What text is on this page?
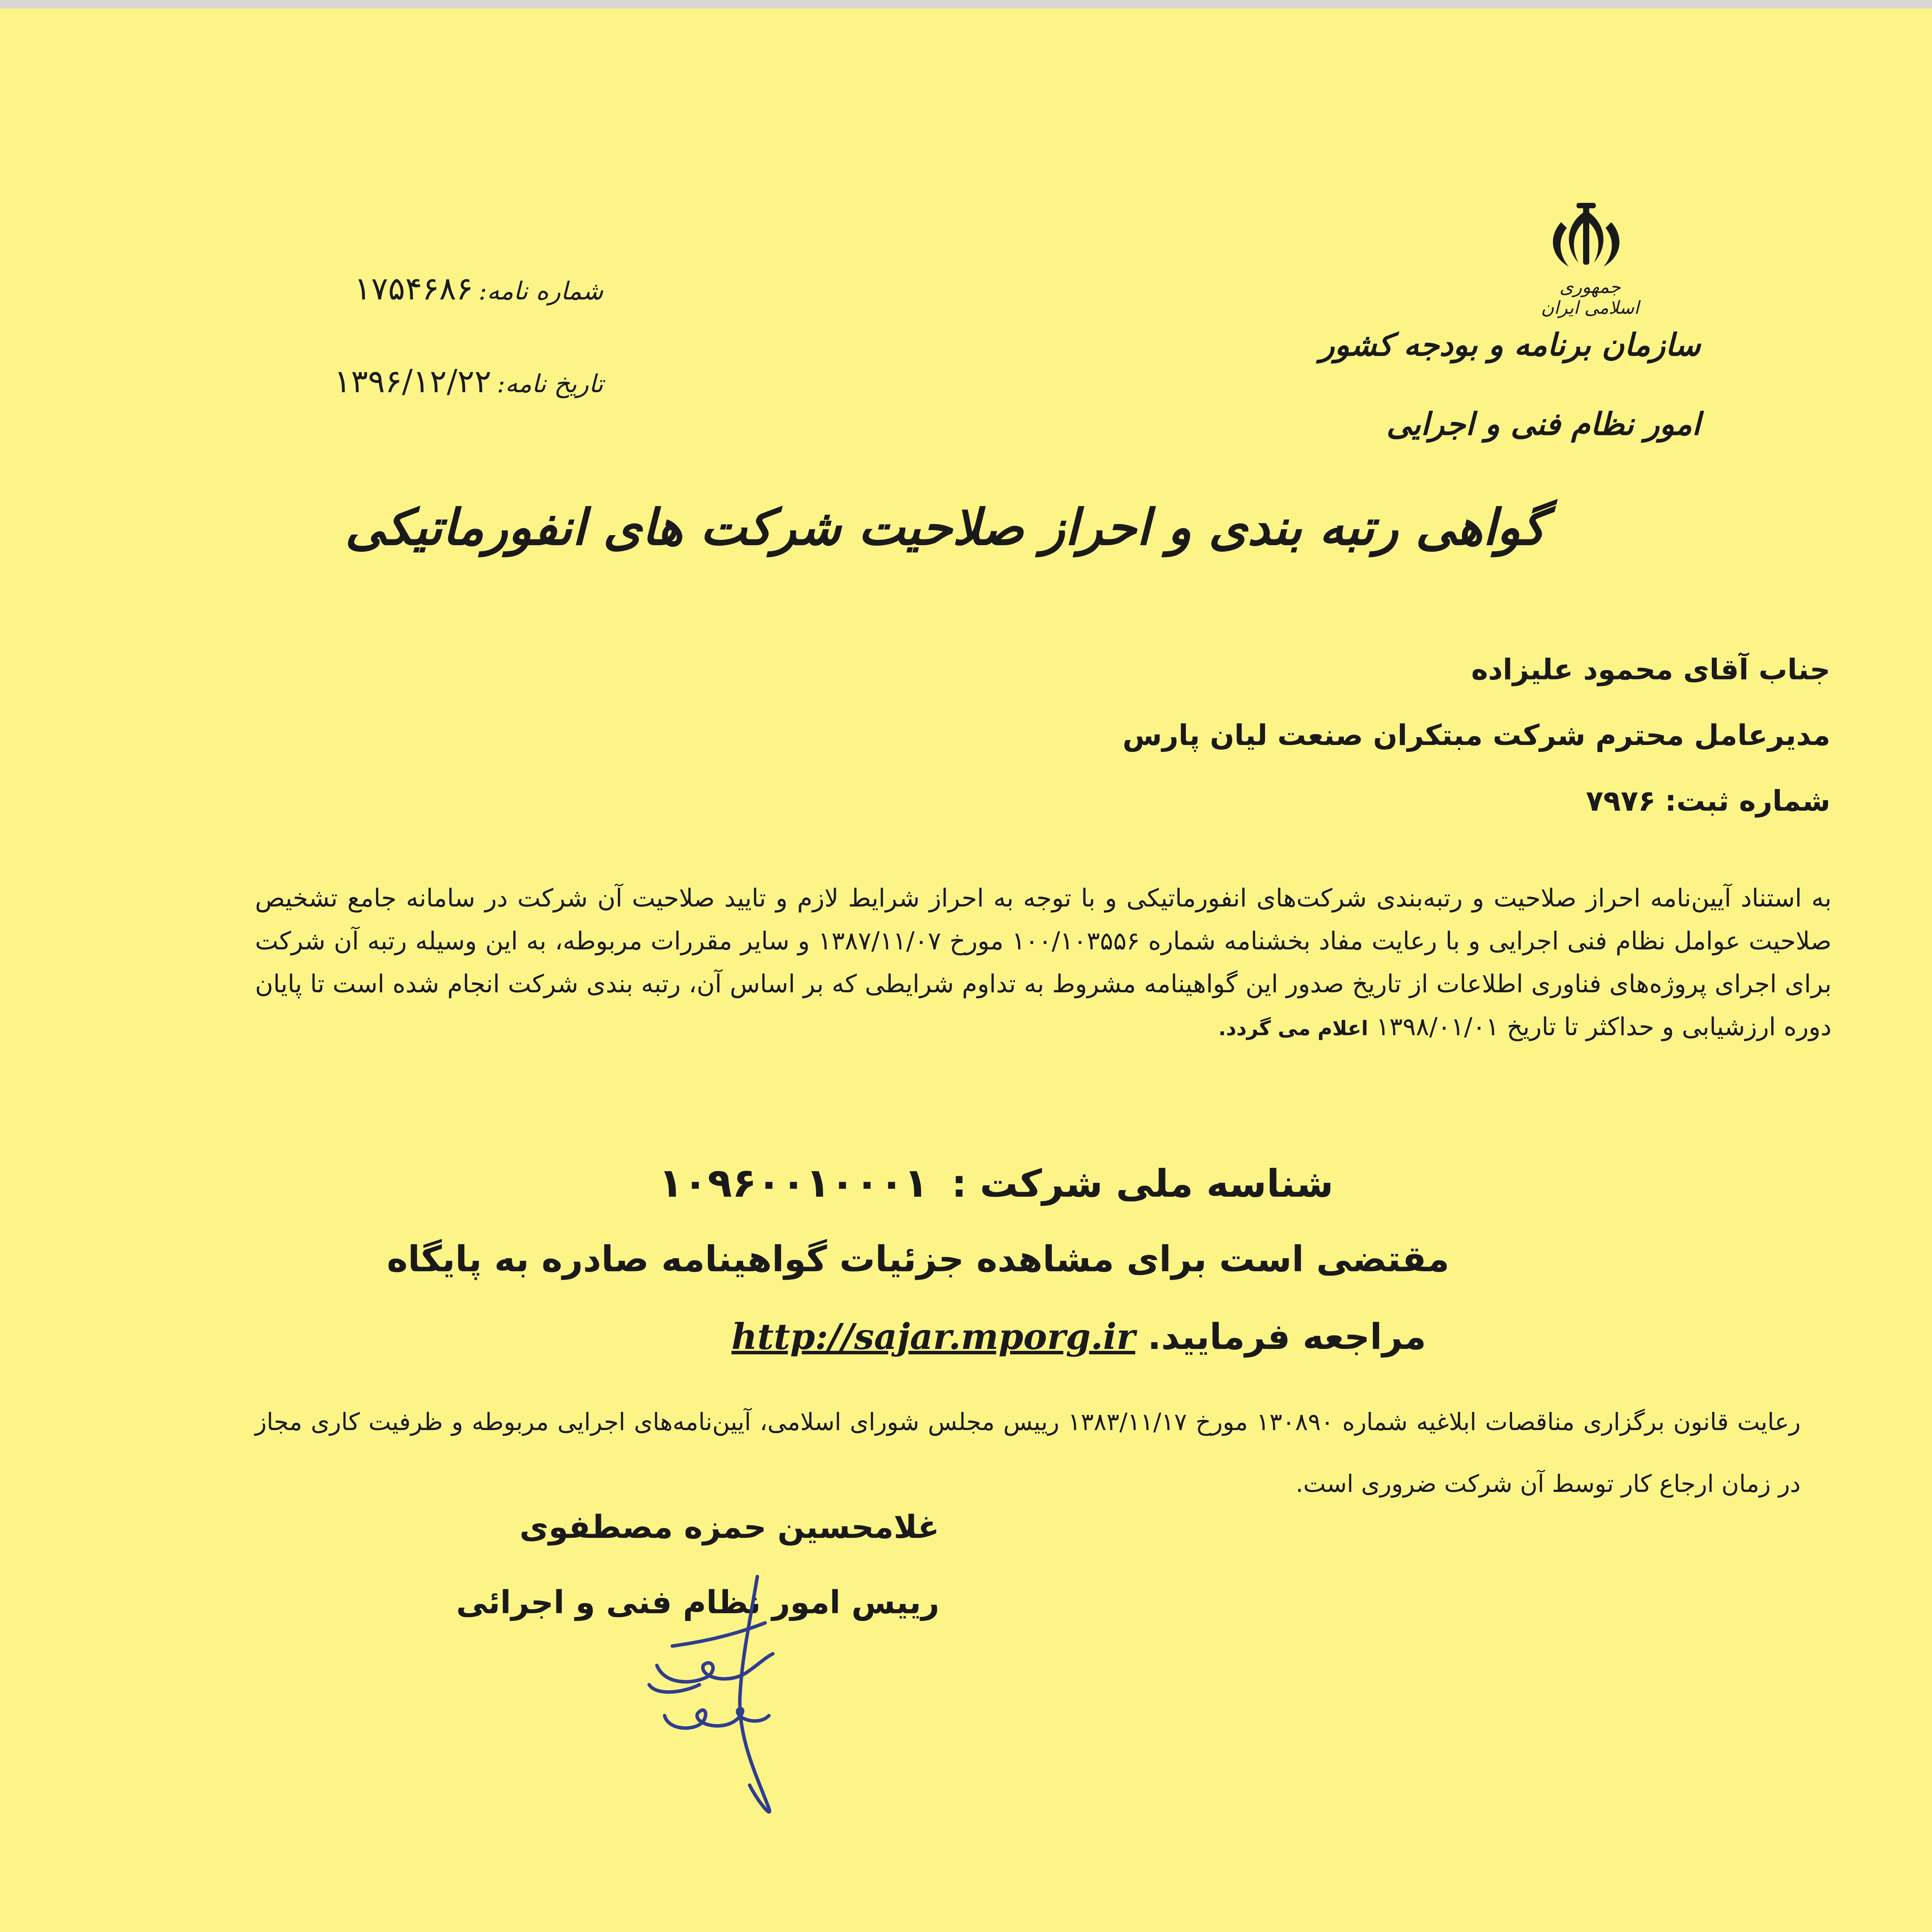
شماره نامه:۱۷۵۴۶۸۶
تاریخ نامه:۱۳۹۶/۱۲/۲۲
جمهوری اسلامی ایران
سازمان برنامه و بودجه کشور
امور نظام فنی و اجرایی
گواهی رتبه بندی و احراز صلاحیت شرکت های انفورماتیکی
جناب آقای محمود علیزاده
مدیرعامل محترم شرکت مبتکران صنعت لیان پارس
شماره ثبت:۷۹۷۶
به استناد آیین‌نامه احراز صلاحیت و رتبه‌بندی شرکت‌های انفورماتیکی و با توجه به احراز شرایط لازم و تایید صلاحیت آن شرکت در سامانه جامع تشخیص صلاحیت عوامل نظام فنی اجرایی و با رعایت مفاد بخشنامه شماره ۱۰۰/۱۰۳۵۵۶ مورخ ۱۳۸۷/۱۱/۰۷ و سایر مقررات مربوطه، به این وسیله رتبه آن شرکت برای اجرای پروژه‌های فناوری اطلاعات از تاریخ صدور این گواهینامه مشروط به تداوم شرایطی که بر اساس آن، رتبه بندی شرکت انجام شده است تا پایان دوره ارزشیابی و حداکثر تا تاریخ ۱۳۹۸/۰۱/۰۱ اعلام می گردد.
شناسه ملی شرکت :۱۰۹۶۰۰۱۰۰۰۱
مقتضی است برای مشاهده جزئیات گواهینامه صادره به پایگاه
مراجعه فرمایید. http://sajar.mporg.ir
رعایت قانون برگزاری مناقصات ابلاغیه شماره ۱۳۰۸۹۰ مورخ ۱۳۸۳/۱۱/۱۷ رییس مجلس شورای اسلامی، آیین‌نامه‌های اجرایی مربوطه و ظرفیت کاری مجاز در زمان ارجاع کار توسط آن شرکت ضروری است.
غلامحسین حمزه مصطفوی
رییس امور نظام فنی و اجرائی
